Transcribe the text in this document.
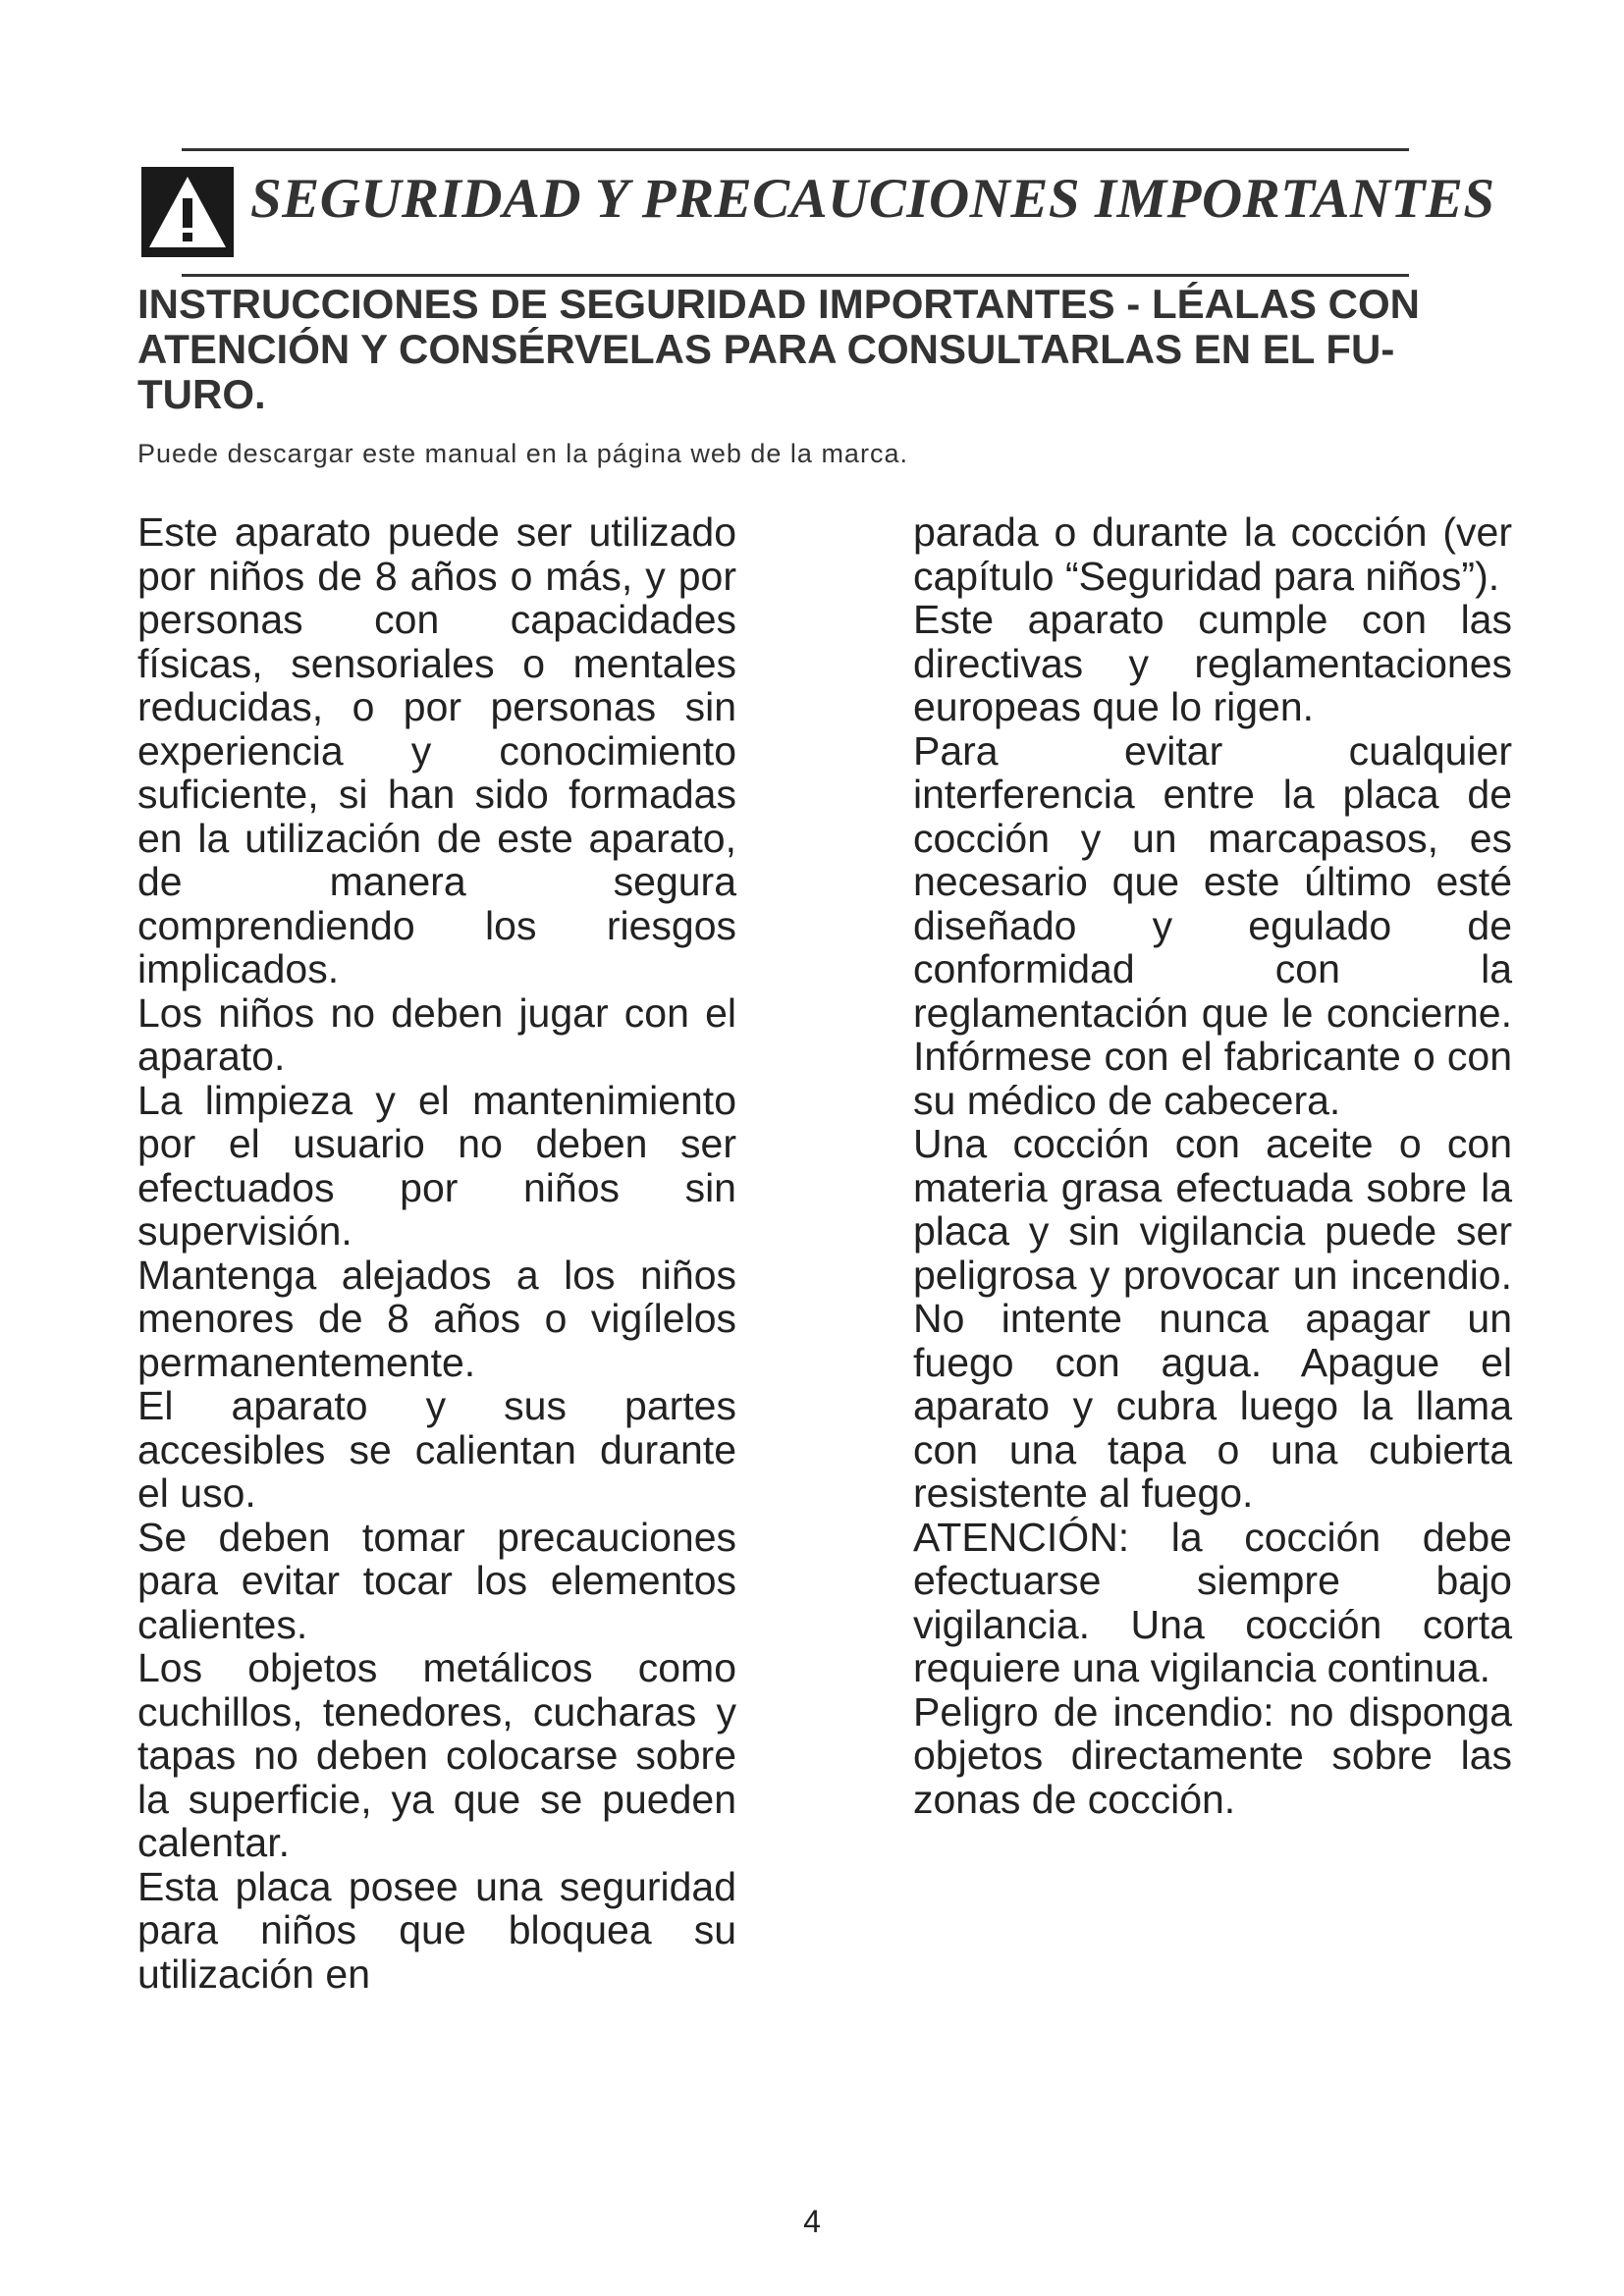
SEGURIDAD Y PRECAUCIONES IMPORTANTES
INSTRUCCIONES DE SEGURIDAD IMPORTANTES - LÉALAS CON ATENCIÓN Y CONSÉRVELAS PARA CONSULTARLAS EN EL FU-TURO.

Puede descargar este manual en la página web de la marca.

Este aparato puede ser utilizado por niños de 8 años o más, y por personas con capacidades físicas, sensoriales o mentales reducidas, o por personas sin experiencia y conocimiento suficiente, si han sido formadas en la utilización de este aparato, de manera segura comprendiendo los riesgos implicados.

Los niños no deben jugar con el aparato.

La limpieza y el mantenimiento por el usuario no deben ser efectuados por niños sin supervisión.

Mantenga alejados a los niños menores de 8 años o vigílelos permanentemente.

El aparato y sus partes accesibles se calientan durante el uso.

Se deben tomar precauciones para evitar tocar los elementos calientes.

Los objetos metálicos como cuchillos, tenedores, cucharas y tapas no deben colocarse sobre la superficie, ya que se pueden calentar.

Esta placa posee una seguridad para niños que bloquea su utilización en

parada o durante la cocción (ver capítulo “Seguridad para niños”).

Este aparato cumple con las directivas y reglamentaciones europeas que lo rigen.

Para evitar cualquier interferencia entre la placa de cocción y un marcapasos, es necesario que este último esté diseñado y egulado de conformidad con la reglamentación que le concierne. Infórmese con el fabricante o con su médico de cabecera.

Una cocción con aceite o con materia grasa efectuada sobre la placa y sin vigilancia puede ser peligrosa y provocar un incendio. No intente nunca apagar un fuego con agua. Apague el aparato y cubra luego la llama con una tapa o una cubierta resistente al fuego.

ATENCIÓN: la cocción debe efectuarse siempre bajo vigilancia. Una cocción corta requiere una vigilancia continua.

Peligro de incendio: no disponga objetos directamente sobre las zonas de cocción.

4
